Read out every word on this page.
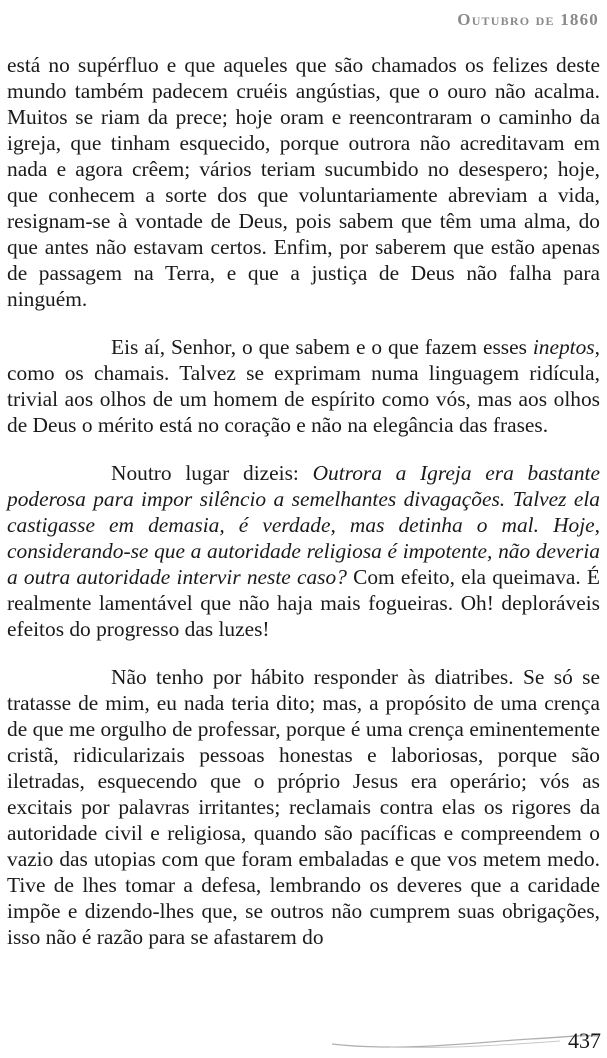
Outubro de 1860

está no supérfluo e que aqueles que são chamados os felizes deste mundo também padecem cruéis angústias, que o ouro não acalma. Muitos se riam da prece; hoje oram e reencontraram o caminho da igreja, que tinham esquecido, porque outrora não acreditavam em nada e agora crêem; vários teriam sucumbido no desespero; hoje, que conhecem a sorte dos que voluntariamente abreviam a vida, resignam-se à vontade de Deus, pois sabem que têm uma alma, do que antes não estavam certos. Enfim, por saberem que estão apenas de passagem na Terra, e que a justiça de Deus não falha para ninguém.

Eis aí, Senhor, o que sabem e o que fazem esses ineptos, como os chamais. Talvez se exprimam numa linguagem ridícula, trivial aos olhos de um homem de espírito como vós, mas aos olhos de Deus o mérito está no coração e não na elegância das frases.

Noutro lugar dizeis: Outrora a Igreja era bastante poderosa para impor silêncio a semelhantes divagações. Talvez ela castigasse em demasia, é verdade, mas detinha o mal. Hoje, considerando-se que a autoridade religiosa é impotente, não deveria a outra autoridade intervir neste caso? Com efeito, ela queimava. É realmente lamentável que não haja mais fogueiras. Oh! deploráveis efeitos do progresso das luzes!

Não tenho por hábito responder às diatribes. Se só se tratasse de mim, eu nada teria dito; mas, a propósito de uma crença de que me orgulho de professar, porque é uma crença eminentemente cristã, ridicularizais pessoas honestas e laboriosas, porque são iletradas, esquecendo que o próprio Jesus era operário; vós as excitais por palavras irritantes; reclamais contra elas os rigores da autoridade civil e religiosa, quando são pacíficas e compreendem o vazio das utopias com que foram embaladas e que vos metem medo. Tive de lhes tomar a defesa, lembrando os deveres que a caridade impõe e dizendo-lhes que, se outros não cumprem suas obrigações, isso não é razão para se afastarem do

437
